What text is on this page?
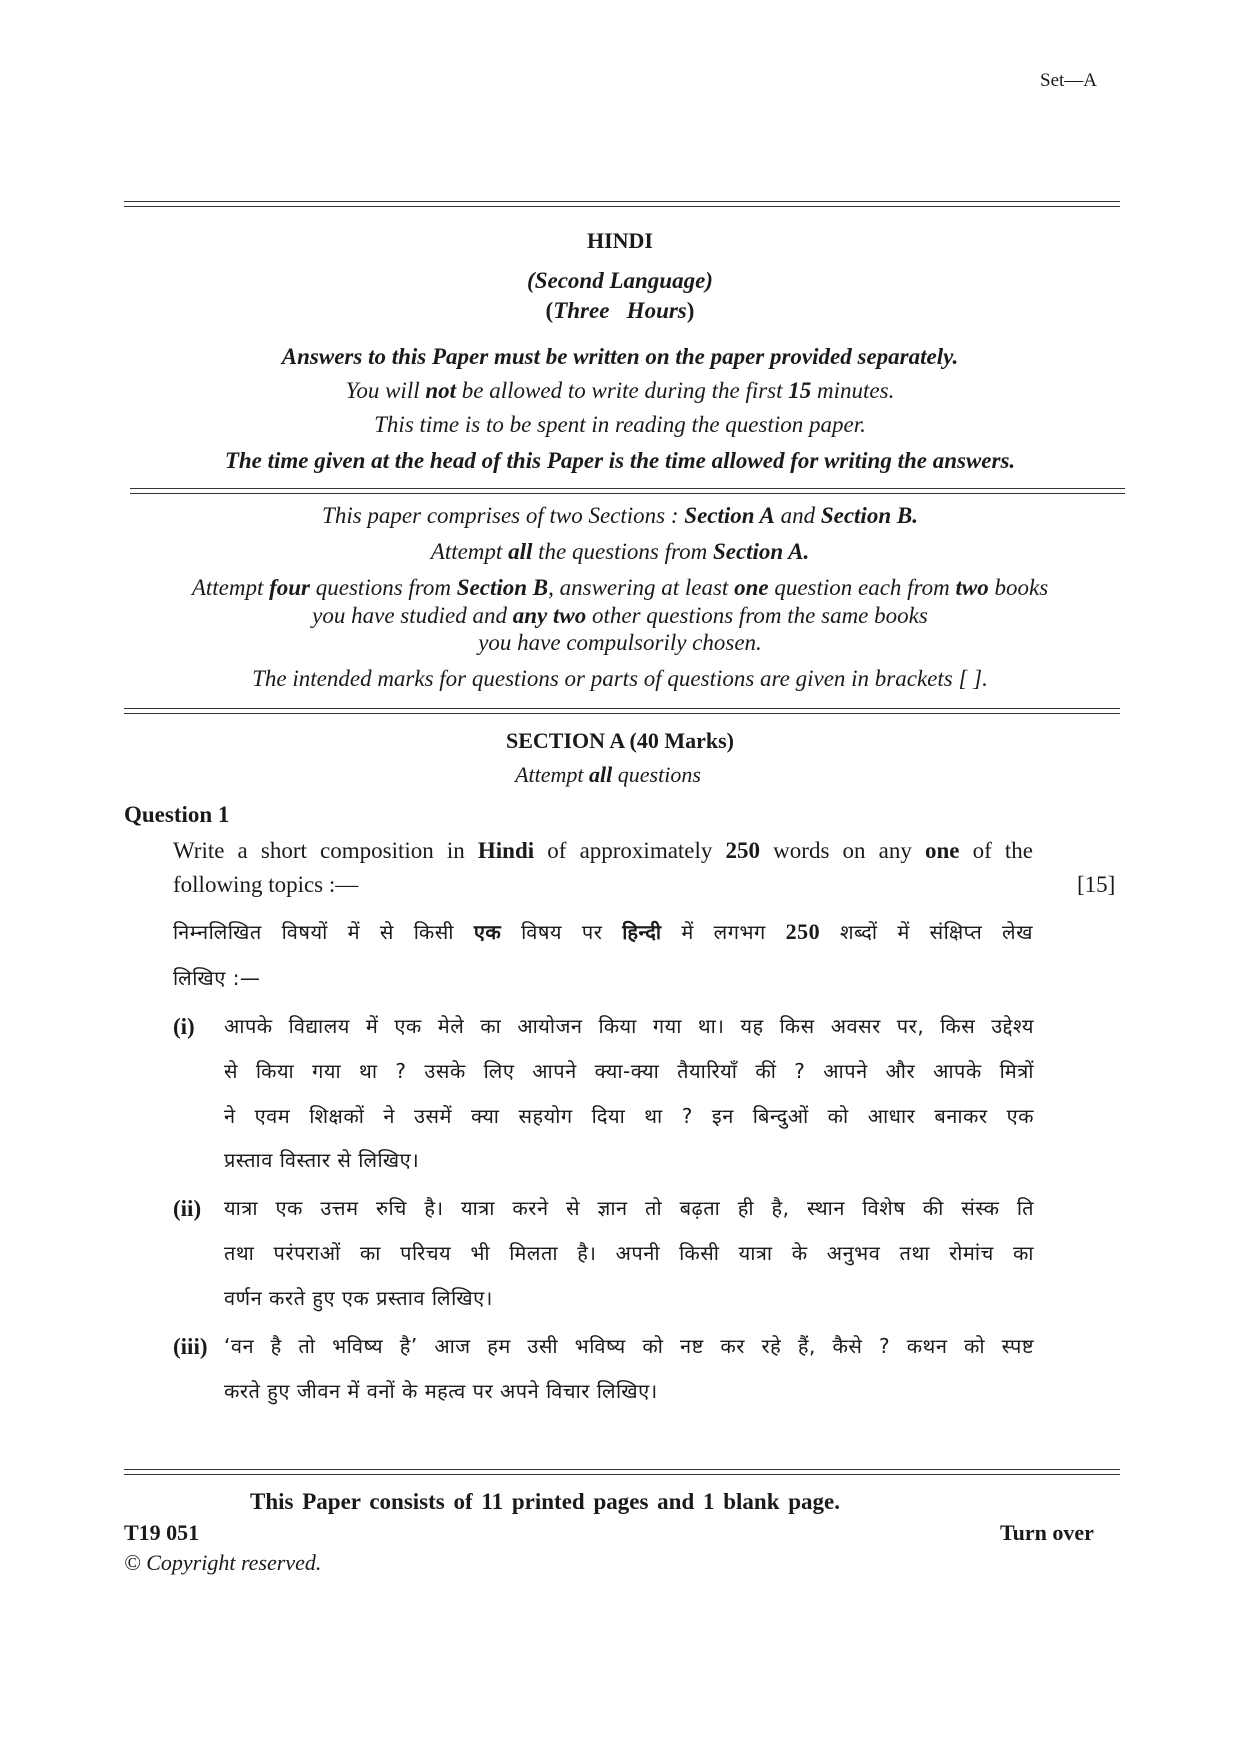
Set—A
HINDI
(Second Language)
(Three   Hours)
Answers to this Paper must be written on the paper provided separately.
You will not be allowed to write during the first 15 minutes.
This time is to be spent in reading the question paper.
The time given at the head of this Paper is the time allowed for writing the answers.
This paper comprises of two Sections : Section A and Section B.
Attempt all the questions from Section A.
Attempt four questions from Section B, answering at least one question each from two books
you have studied and any two other questions from the same books
you have compulsorily chosen.
The intended marks for questions or parts of questions are given in brackets [ ].
SECTION A (40 Marks)
Attempt all questions
Question 1
Write a short composition in Hindi of approximately 250 words on any one of the
following topics :—	[15]
निम्नलिखित विषयों में से किसी एक विषय पर हिन्दी में लगभग 250 शब्दों में संक्षिप्त लेख
लिखिए :—
(i) आपके विद्यालय में एक मेले का आयोजन किया गया था। यह किस अवसर पर, किस उद्देश्य
से किया गया था ? उसके लिए आपने क्या-क्या तैयारियाँ कीं ? आपने और आपके मित्रों
ने एवम शिक्षकों ने उसमें क्या सहयोग दिया था ? इन बिन्दुओं को आधार बनाकर एक
प्रस्ताव विस्तार से लिखिए।
(ii) यात्रा एक उत्तम रुचि है। यात्रा करने से ज्ञान तो बढ़ता ही है, स्थान विशेष की संस्क ति
तथा परंपराओं का परिचय भी मिलता है। अपनी किसी यात्रा के अनुभव तथा रोमांच का
वर्णन करते हुए एक प्रस्ताव लिखिए।
(iii) ‘वन है तो भविष्य है’ आज हम उसी भविष्य को नष्ट कर रहे हैं, कैसे ? कथन को स्पष्ट
करते हुए जीवन में वनों के महत्व पर अपने विचार लिखिए।
This Paper consists of 11 printed pages and 1 blank page.
T19 051	Turn over
© Copyright reserved.
